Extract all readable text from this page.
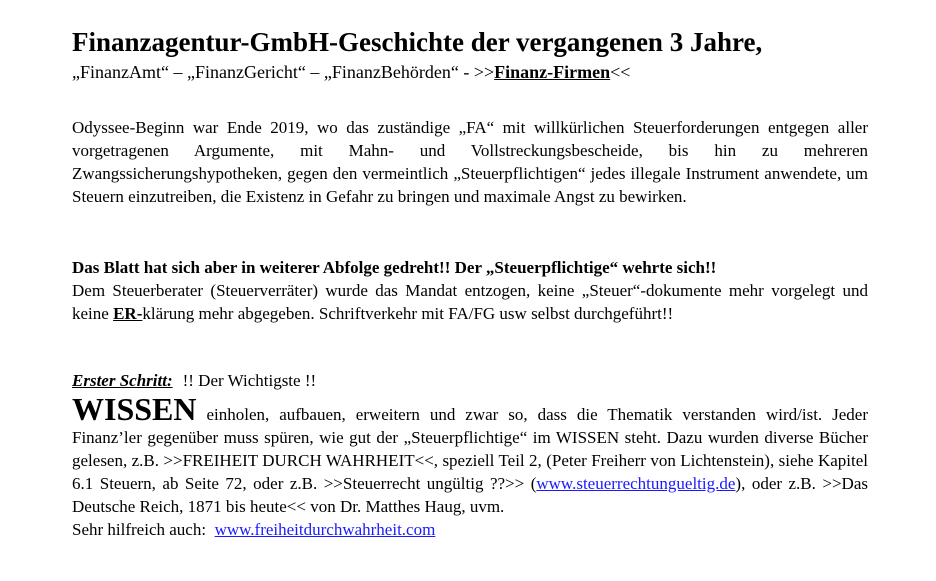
Finanzagentur-GmbH-Geschichte der vergangenen 3 Jahre,
„FinanzAmt“ – „FinanzGericht“ – „FinanzBehörden“ - >>Finanz-Firmen<<

Odyssee-Beginn war Ende 2019, wo das zuständige „FA“ mit willkürlichen Steuerforderungen entgegen aller vorgetragenen Argumente, mit Mahn- und Vollstreckungsbescheide, bis hin zu mehreren Zwangssicherungshypotheken, gegen den vermeintlich „Steuerpflichtigen“ jedes illegale Instrument anwendete, um Steuern einzutreiben, die Existenz in Gefahr zu bringen und maximale Angst zu bewirken.

Das Blatt hat sich aber in weiterer Abfolge gedreht!! Der „Steuerpflichtige“ wehrte sich!!
Dem Steuerberater (Steuerverräter) wurde das Mandat entzogen, keine „Steuer“-dokumente mehr vorgelegt und keine ER-klärung mehr abgegeben. Schriftverkehr mit FA/FG usw selbst durchgeführt!!
Erster Schritt: !! Der Wichtigste !!
WISSEN einholen, aufbauen, erweitern und zwar so, dass die Thematik verstanden wird/ist. Jeder Finanz’ler gegenüber muss spüren, wie gut der „Steuerpflichtige“ im WISSEN steht. Dazu wurden diverse Bücher gelesen, z.B. >>FREIHEIT DURCH WAHRHEIT<<, speziell Teil 2, (Peter Freiherr von Lichtenstein), siehe Kapitel 6.1 Steuern, ab Seite 72, oder z.B. >>Steuerrecht ungültig ??>> (www.steuerrechtungueltig.de), oder z.B. >>Das Deutsche Reich, 1871 bis heute<< von Dr. Matthes Haug, uvm.
Sehr hilfreich auch: www.freiheitdurchwahrheit.com
